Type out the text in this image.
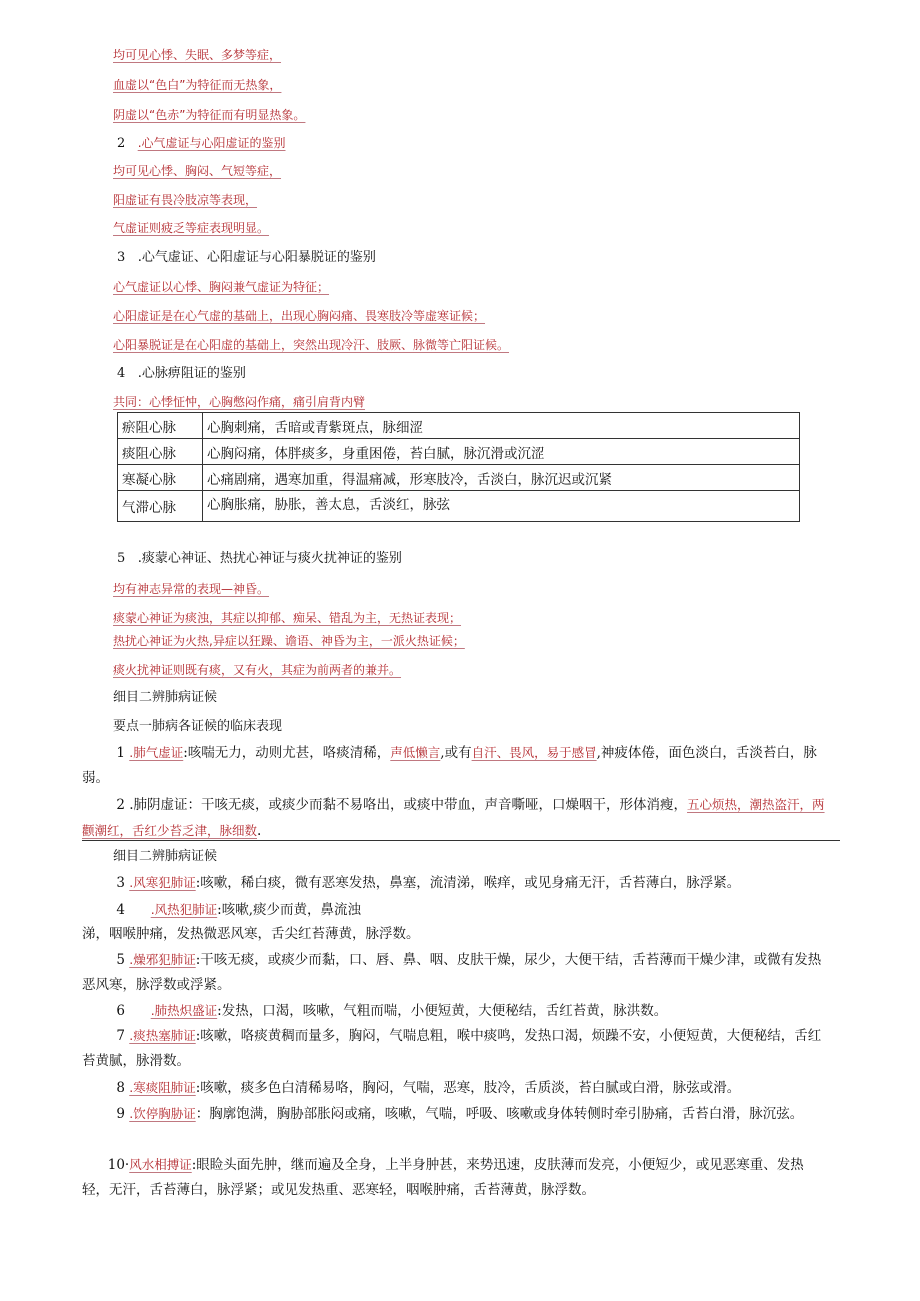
均可见心悸、失眠、多梦等症，
血虚以“色白”为特征而无热象，
阴虚以“色赤”为特征而有明显热象。
2 .心气虚证与心阳虚证的鉴别
均可见心悸、胸闷、气短等症，
阳虚证有畏冷肢凉等表现，
气虚证则疲乏等症表现明显。
3 .心气虚证、心阳虚证与心阳暴脱证的鉴别
心气虚证以心悸、胸闷兼气虚证为特征；
心阳虚证是在心气虚的基础上，出现心胸闷痛、畏寒肢冷等虚寒证候；
心阳暴脱证是在心阳虚的基础上，突然出现冷汗、肢厥、脉微等亡阳证候。
4 .心脉痹阻证的鉴别
共同：心悸怔忡，心胸憋闷作痛，痛引肩背内臂
瘀阻心脉	心胸刺痛，舌暗或青紫斑点，脉细涩
痰阻心脉	心胸闷痛，体胖痰多，身重困倦，苔白腻，脉沉滑或沉涩
寒凝心脉	心痛剧痛，遇寒加重，得温痛减，形寒肢冷，舌淡白，脉沉迟或沉紧
气滞心脉	心胸胀痛，胁胀，善太息，舌淡红，脉弦
5 .痰蒙心神证、热扰心神证与痰火扰神证的鉴别
均有神志异常的表现—神昏。
痰蒙心神证为痰浊，其症以抑郁、痴呆、错乱为主，无热证表现；
热扰心神证为火热,异症以狂躁、谵语、神昏为主，一派火热证候；
痰火扰神证则既有痰，又有火，其症为前两者的兼并。
细目二辨肺病证候
要点一肺病各证候的临床表现
1 .肺气虚证:咳喘无力，动则尤甚，咯痰清稀，声低懒言,或有自汗、畏风，易于感冒,神疲体倦，面色淡白，舌淡苔白，脉弱。
2 .肺阴虚证：干咳无痰，或痰少而黏不易咯出，或痰中带血，声音嘶哑，口燥咽干，形体消瘦，五心烦热，潮热盗汗，两颧潮红，舌红少苔乏津，脉细数.
细目二辨肺病证候
3 .风寒犯肺证:咳嗽，稀白痰，微有恶寒发热，鼻塞，流清涕，喉痒，或见身痛无汗，舌苔薄白，脉浮紧。
4 .风热犯肺证:咳嗽,痰少而黄，鼻流浊
涕，咽喉肿痛，发热微恶风寒，舌尖红苔薄黄，脉浮数。
5 .燥邪犯肺证:干咳无痰，或痰少而黏，口、唇、鼻、咽、皮肤干燥，尿少，大便干结，舌苔薄而干燥少津，或微有发热恶风寒，脉浮数或浮紧。
6 .肺热炽盛证:发热，口渴，咳嗽，气粗而喘，小便短黄，大便秘结，舌红苔黄，脉洪数。
7 .痰热塞肺证:咳嗽，咯痰黄稠而量多，胸闷，气喘息粗，喉中痰鸣，发热口渴，烦躁不安，小便短黄，大便秘结，舌红苔黄腻，脉滑数。
8 .寒痰阻肺证:咳嗽，痰多色白清稀易咯，胸闷，气喘，恶寒，肢冷，舌质淡，苔白腻或白滑，脉弦或滑。
9 .饮停胸胁证：胸廓饱满，胸胁部胀闷或痛，咳嗽，气喘，呼吸、咳嗽或身体转侧时牵引胁痛，舌苔白滑，脉沉弦。
10·风水相搏证:眼睑头面先肿，继而遍及全身，上半身肿甚，来势迅速，皮肤薄而发亮，小便短少，或见恶寒重、发热轻，无汗，舌苔薄白，脉浮紧；或见发热重、恶寒轻，咽喉肿痛，舌苔薄黄，脉浮数。
